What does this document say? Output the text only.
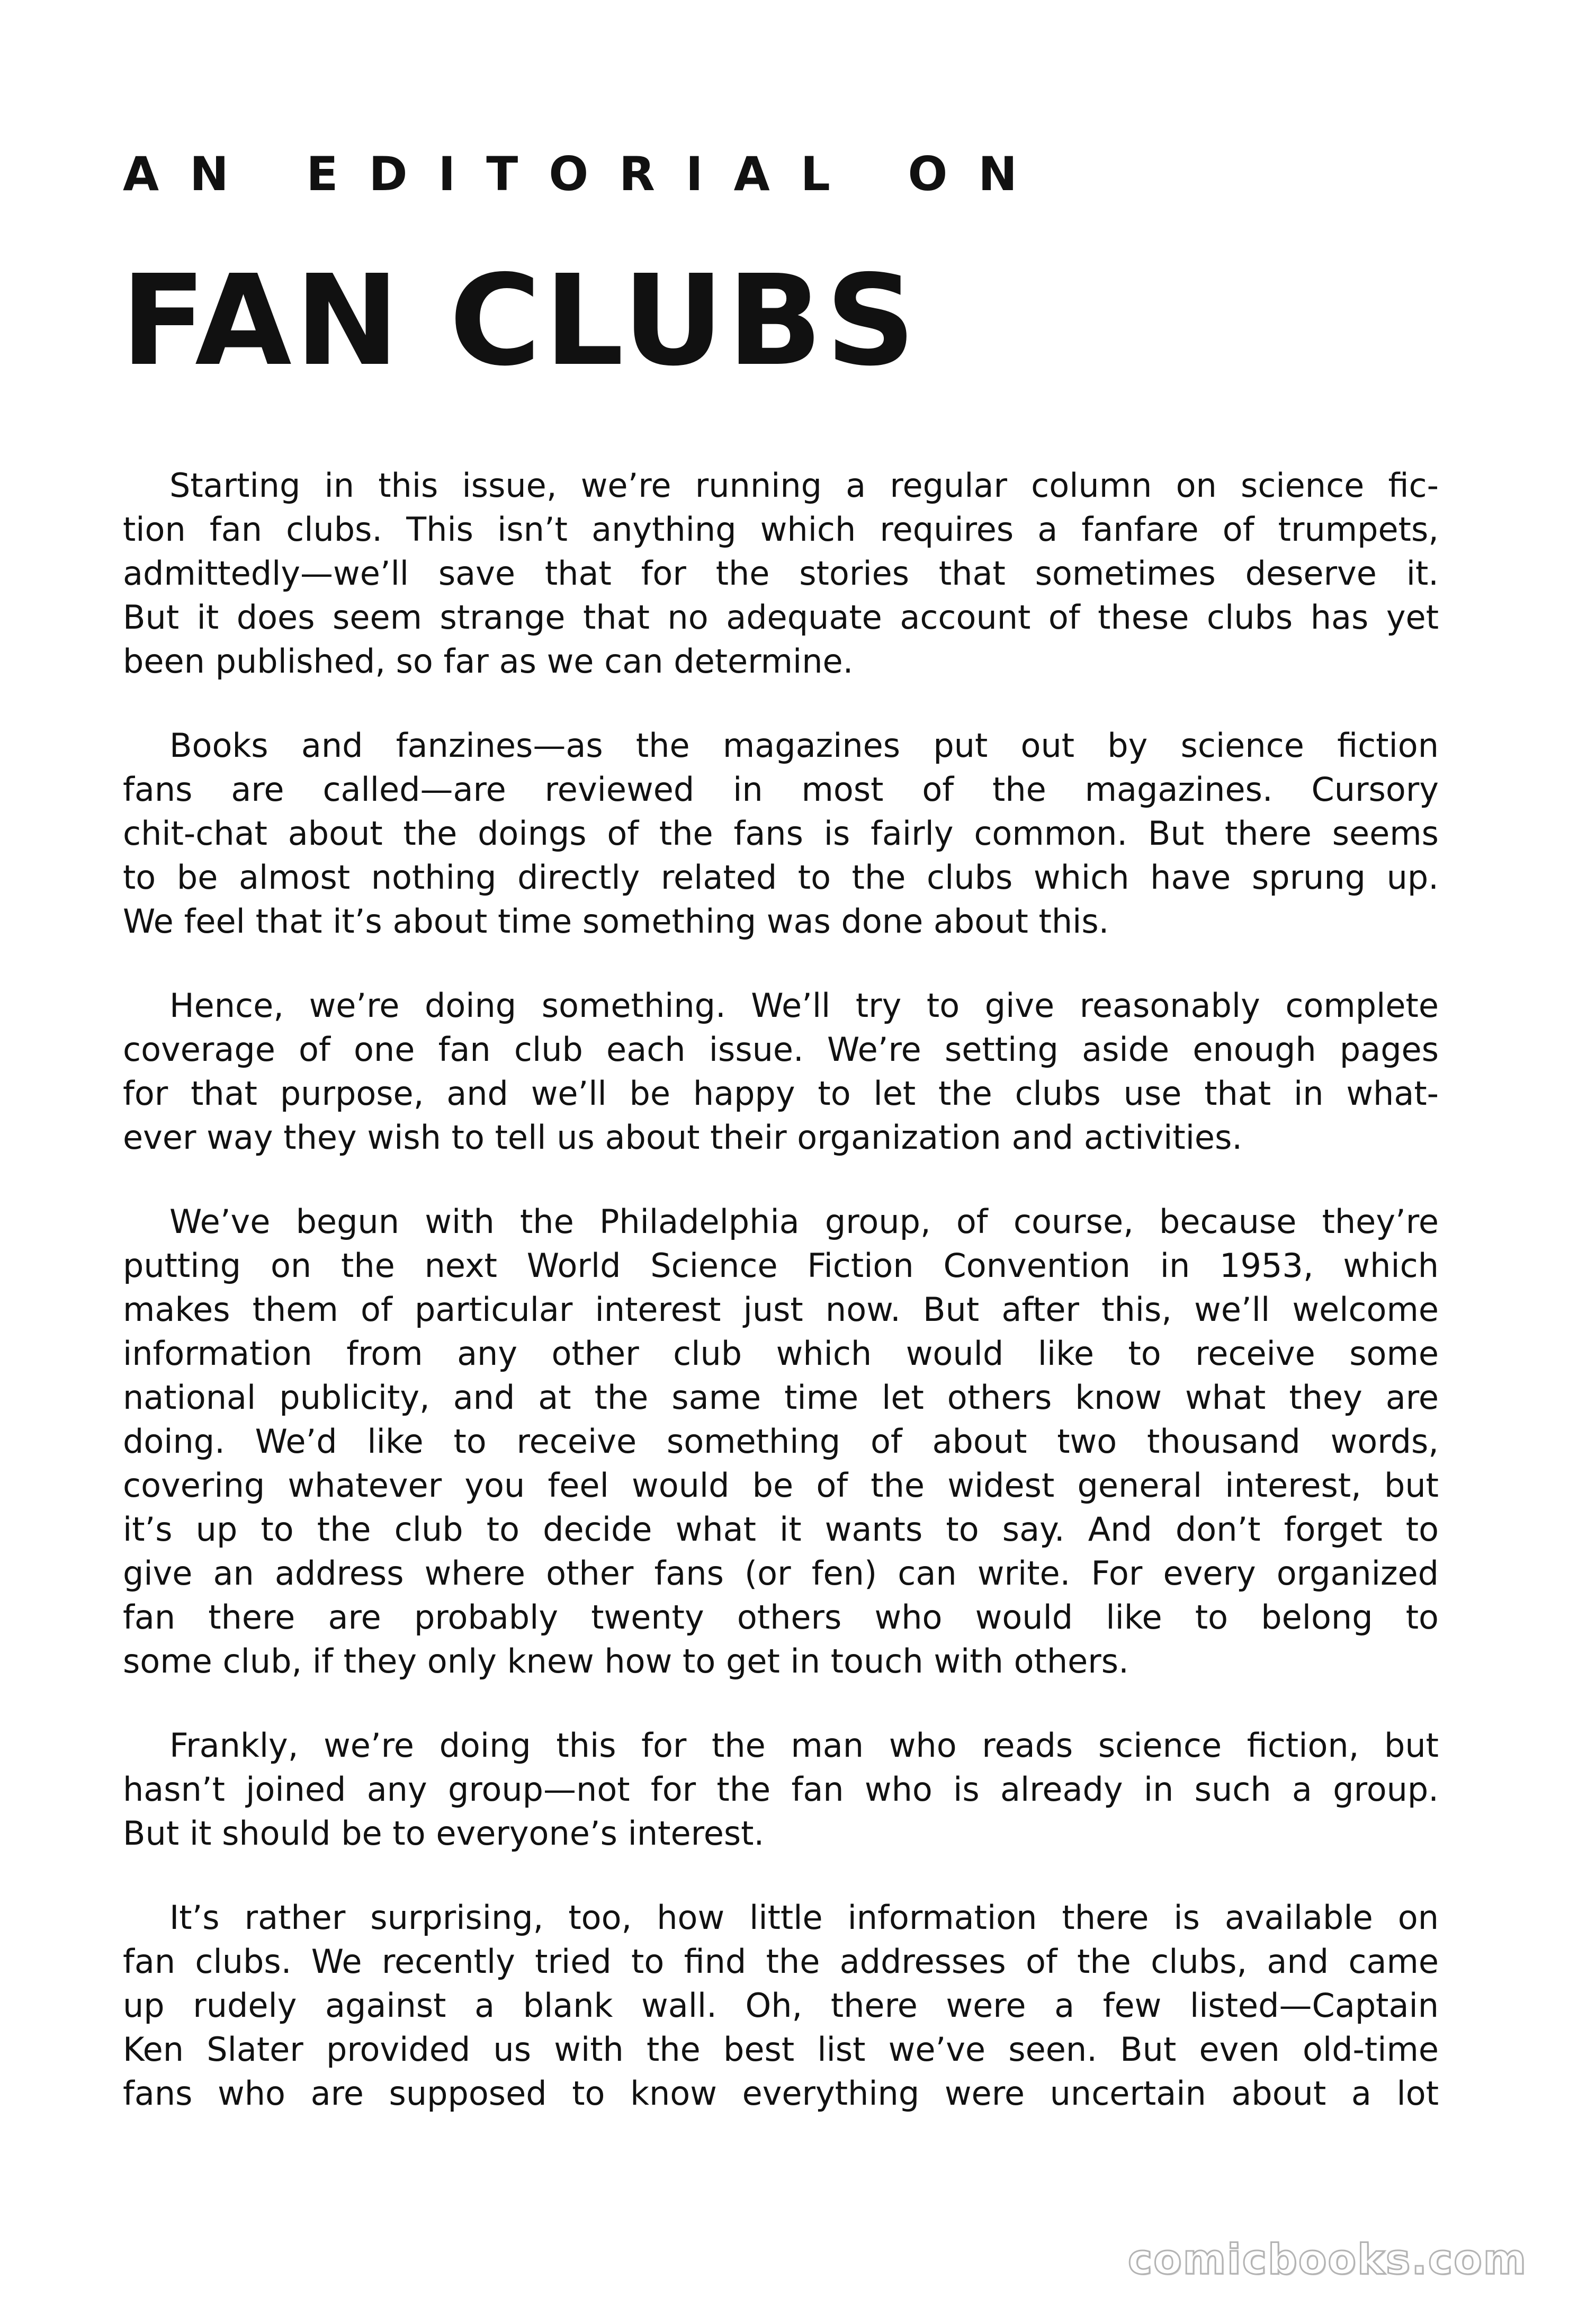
AN EDITORIAL ON
FAN CLUBS
Starting in this issue, we’re running a regular column on science fic-
tion fan clubs. This isn’t anything which requires a fanfare of trumpets,
admittedly—we’ll save that for the stories that sometimes deserve it.
But it does seem strange that no adequate account of these clubs has yet
been published, so far as we can determine.
Books and fanzines—as the magazines put out by science fiction
fans are called—are reviewed in most of the magazines. Cursory
chit-chat about the doings of the fans is fairly common. But there seems
to be almost nothing directly related to the clubs which have sprung up.
We feel that it’s about time something was done about this.
Hence, we’re doing something. We’ll try to give reasonably complete
coverage of one fan club each issue. We’re setting aside enough pages
for that purpose, and we’ll be happy to let the clubs use that in what-
ever way they wish to tell us about their organization and activities.
We’ve begun with the Philadelphia group, of course, because they’re
putting on the next World Science Fiction Convention in 1953, which
makes them of particular interest just now. But after this, we’ll welcome
information from any other club which would like to receive some
national publicity, and at the same time let others know what they are
doing. We’d like to receive something of about two thousand words,
covering whatever you feel would be of the widest general interest, but
it’s up to the club to decide what it wants to say. And don’t forget to
give an address where other fans (or fen) can write. For every organized
fan there are probably twenty others who would like to belong to
some club, if they only knew how to get in touch with others.
Frankly, we’re doing this for the man who reads science fiction, but
hasn’t joined any group—not for the fan who is already in such a group.
But it should be to everyone’s interest.
It’s rather surprising, too, how little information there is available on
fan clubs. We recently tried to find the addresses of the clubs, and came
up rudely against a blank wall. Oh, there were a few listed—Captain
Ken Slater provided us with the best list we’ve seen. But even old-time
fans who are supposed to know everything were uncertain about a lot
comicbooks.com
